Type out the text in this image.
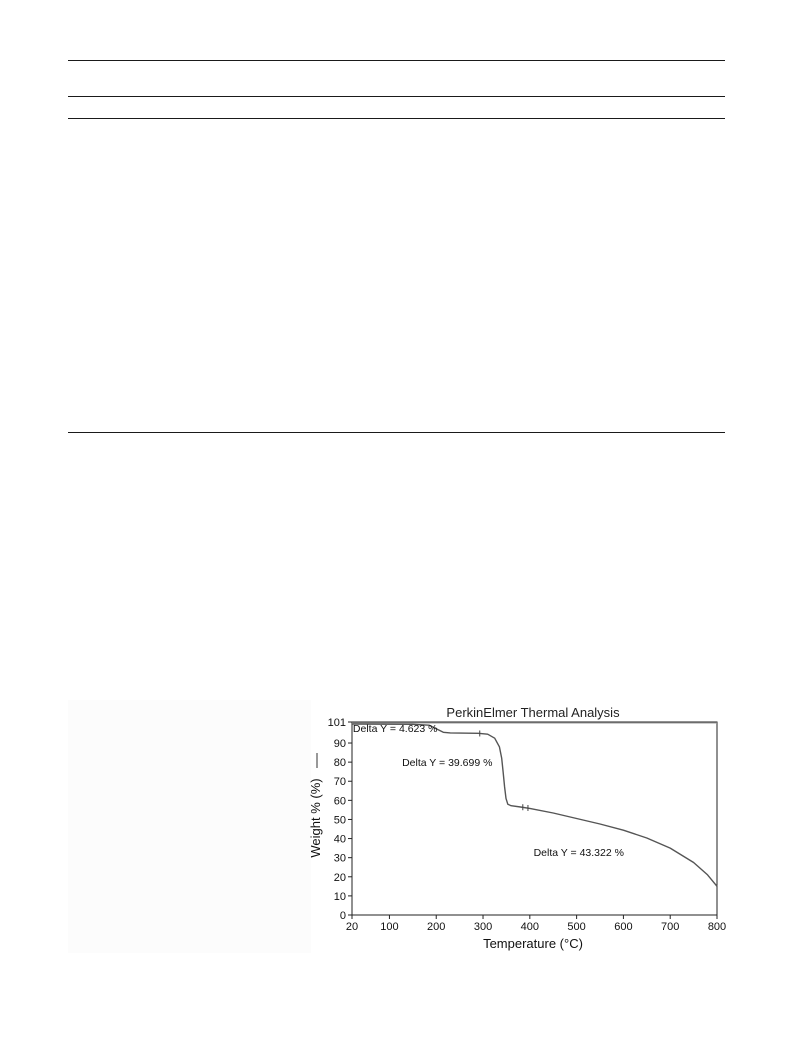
PerkinElmer Thermal Analysis
Temperature (°C)
Weight % (%)
20 100	200	300	400	500	600	700	800
0
10
20
30
40
50
60
70
80
90
101 Delta Y = 4.623 %
Delta Y = 39.699 %
Delta Y = 43.322 %
